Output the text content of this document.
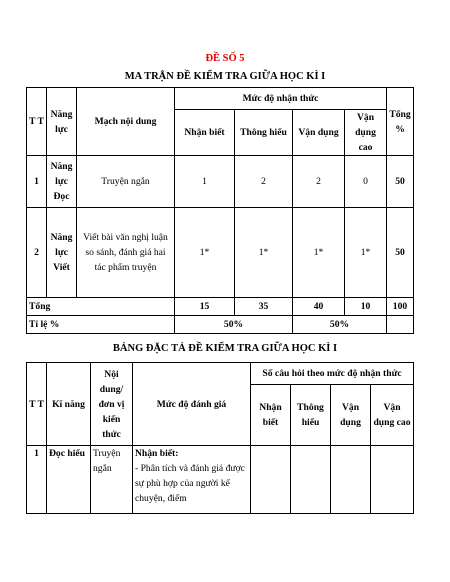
ĐỀ SỐ 5
MA TRẬN ĐỀ KIỂM TRA GIỮA HỌC KÌ I
T T	Năng lực	Mạch nội dung	Mức độ nhận thức				Tổng %
			Nhận biết	Thông hiểu	Vận dụng	Vận dụng cao	
1	Năng lực Đọc	Truyện ngắn	1	2	2	0	50
2	Năng lực Viết	Viết bài văn nghị luận so sánh, đánh giá hai tác phẩm truyện	1*	1*	1*	1*	50
Tổng			15	35	40	10	100
Tỉ lệ %			50%		50%		
BẢNG ĐẶC TẢ ĐỀ KIỂM TRA GIỮA HỌC KÌ I
T T	Kĩ năng	Nội dung/ đơn vị kiến thức	Mức độ đánh giá	Số câu hỏi theo mức độ nhận thức			
				Nhận biết	Thông hiểu	Vận dụng	Vận dụng cao
1	Đọc hiểu	Truyện ngắn	Nhận biết:
- Phân tích và đánh giá được sự phù hợp của người kể chuyện, điểm				
